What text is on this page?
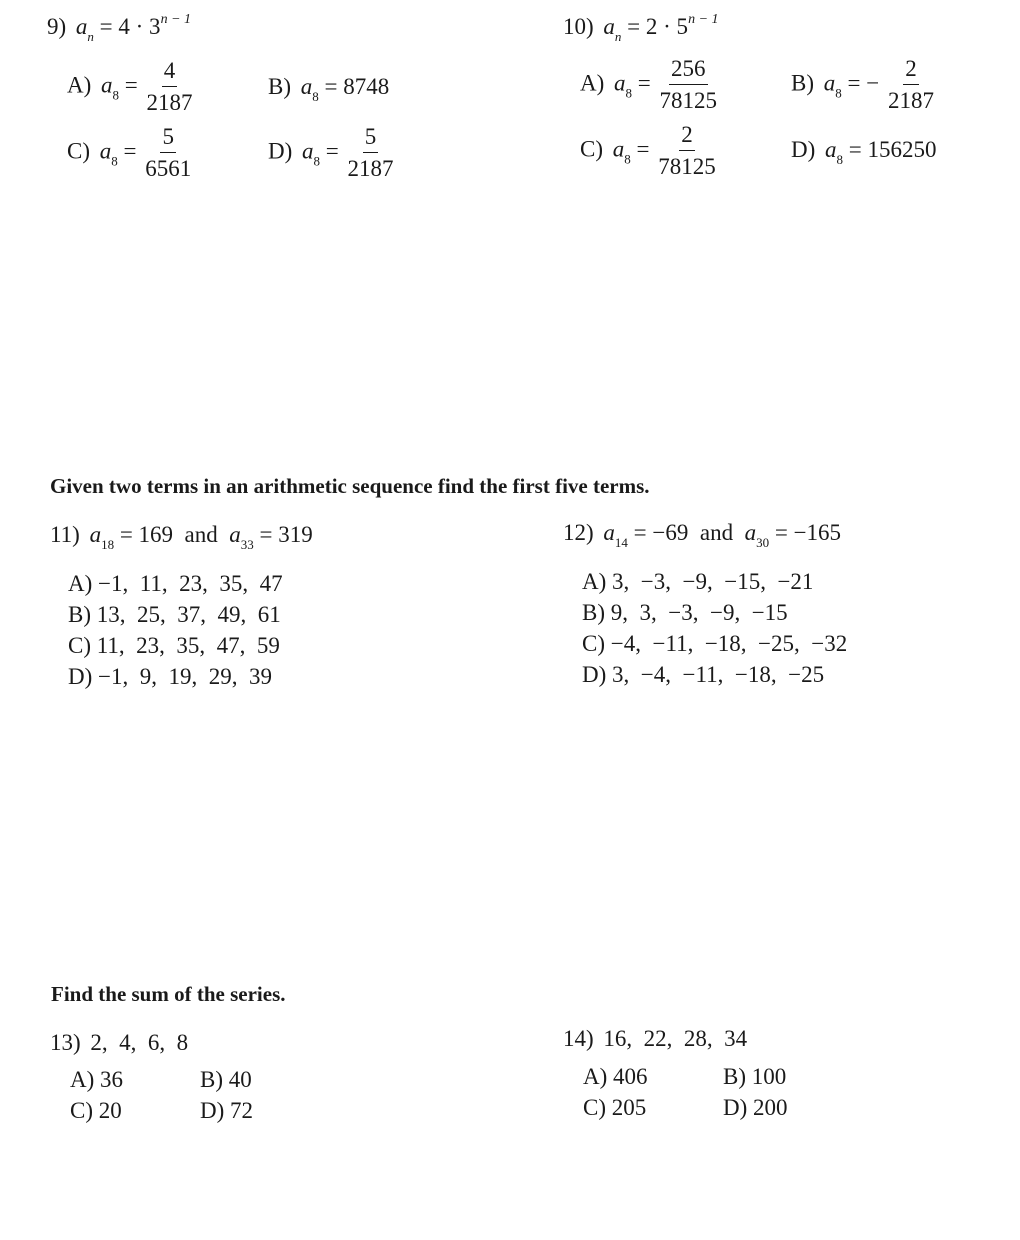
9) $a_n = 4 \cdot 3^{n - 1}$
A) $a_8 = \frac{4}{2187}$	B) $a_8 = 8748$
C) $a_8 = \frac{5}{6561}$	D) $a_8 = \frac{5}{2187}$
10) $a_n = 2 \cdot 5^{n - 1}$
A) $a_8 = \frac{256}{78125}$	B) $a_8$ = − $\frac{2}{2187}$
C) $a_8 = \frac{2}{78125}$	D) $a_8 = 156250$
Given two terms in an arithmetic sequence find the first five terms.
11) $a_{18} = 169$ and $a_{33} = 319$
A) −1,  11,  23,  35,  47
B) 13,  25,  37,  49,  61
C) 11,  23,  35,  47,  59
D) −1,  9,  19,  29,  39
12) $a_{14} = -69$ and $a_{30} = -165$
A) 3,  −3,  −9,  −15,  −21
B) 9,  3,  −3,  −9,  −15
C) −4,  −11,  −18,  −25,  −32
D) 3,  −4,  −11,  −18,  −25
Find the sum of the series.
13) 2,  4,  6,  8
A) 36	B) 40
C) 20	D) 72
14) 16,  22,  28,  34
A) 406	B) 100
C) 205	D) 200
